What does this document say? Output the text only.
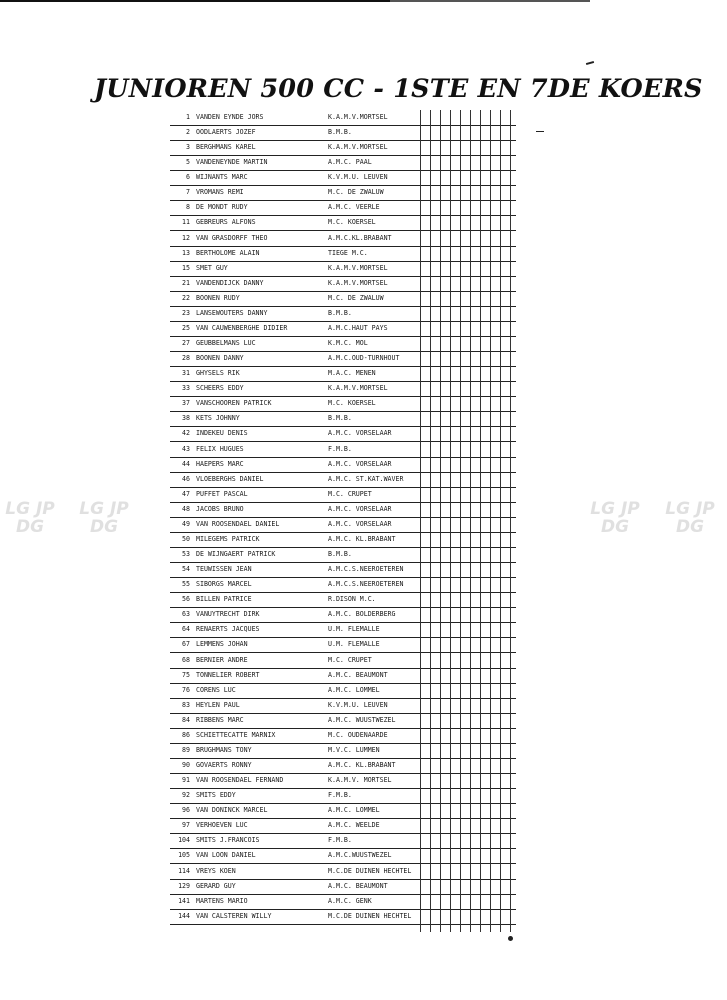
JUNIOREN 500 CC - 1STE EN 7DE KOERS
LG JP DG
LG JP DG
LG JP DG
LG JP DG
1 VANDEN EYNDE JORS	K.A.M.V.MORTSEL
2 OODLAERTS JOZEF	B.M.B.
3 BERGHMANS KAREL	K.A.M.V.MORTSEL
5 VANDENEYNDE MARTIN	A.M.C. PAAL
6 WIJNANTS MARC	K.V.M.U. LEUVEN
7 VROMANS REMI	M.C. DE ZWALUW
8 DE MONDT RUDY	A.M.C. VEERLE
11 GEBREURS ALFONS	M.C. KOERSEL
12 VAN GRASDORFF THEO	A.M.C.KL.BRABANT
13 BERTHOLOME ALAIN	TIEGE M.C.
15 SMET GUY	K.A.M.V.MORTSEL
21 VANDENDIJCK DANNY	K.A.M.V.MORTSEL
22 BOONEN RUDY	M.C. DE ZWALUW
23 LANSEWOUTERS DANNY	B.M.B.
25 VAN CAUWENBERGHE DIDIER	A.M.C.HAUT PAYS
27 GEUBBELMANS LUC	K.M.C. MOL
28 BOONEN DANNY	A.M.C.OUD-TURNHOUT
31 GHYSELS RIK	M.A.C. MENEN
33 SCHEERS EDDY	K.A.M.V.MORTSEL
37 VANSCHOOREN PATRICK	M.C. KOERSEL
38 KETS JOHNNY	B.M.B.
42 INDEKEU DENIS	A.M.C. VORSELAAR
43 FELIX HUGUES	F.M.B.
44 HAEPERS MARC	A.M.C. VORSELAAR
46 VLOEBERGHS DANIEL	A.M.C. ST.KAT.WAVER
47 PUFFET PASCAL	M.C. CRUPET
48 JACOBS BRUNO	A.M.C. VORSELAAR
49 VAN ROOSENDAEL DANIEL	A.M.C. VORSELAAR
50 MILEGEMS PATRICK	A.M.C. KL.BRABANT
53 DE WIJNGAERT PATRICK	B.M.B.
54 TEUWISSEN JEAN	A.M.C.S.NEEROETEREN
55 SIBORGS MARCEL	A.M.C.S.NEEROETEREN
56 BILLEN PATRICE	R.DISON M.C.
63 VANUYTRECHT DIRK	A.M.C. BOLDERBERG
64 RENAERTS JACQUES	U.M. FLEMALLE
67 LEMMENS JOHAN	U.M. FLEMALLE
68 BERNIER ANDRE	M.C. CRUPET
75 TONNELIER ROBERT	A.M.C. BEAUMONT
76 CORENS LUC	A.M.C. LOMMEL
83 HEYLEN PAUL	K.V.M.U. LEUVEN
84 RIBBENS MARC	A.M.C. WUUSTWEZEL
86 SCHIETTECATTE MARNIX	M.C. OUDENAARDE
89 BRUGHMANS TONY	M.V.C. LUMMEN
90 GOVAERTS RONNY	A.M.C. KL.BRABANT
91 VAN ROOSENDAEL FERNAND	K.A.M.V. MORTSEL
92 SMITS EDDY	F.M.B.
96 VAN DONINCK MARCEL	A.M.C. LOMMEL
97 VERHOEVEN LUC	A.M.C. WEELDE
104 SMITS J.FRANCOIS	F.M.B.
105 VAN LOON DANIEL	A.M.C.WUUSTWEZEL
114 VREYS KOEN	M.C.DE DUINEN HECHTEL
129 GERARD GUY	A.M.C. BEAUMONT
141 MARTENS MARIO	A.M.C. GENK
144 VAN CALSTEREN WILLY	M.C.DE DUINEN HECHTEL
